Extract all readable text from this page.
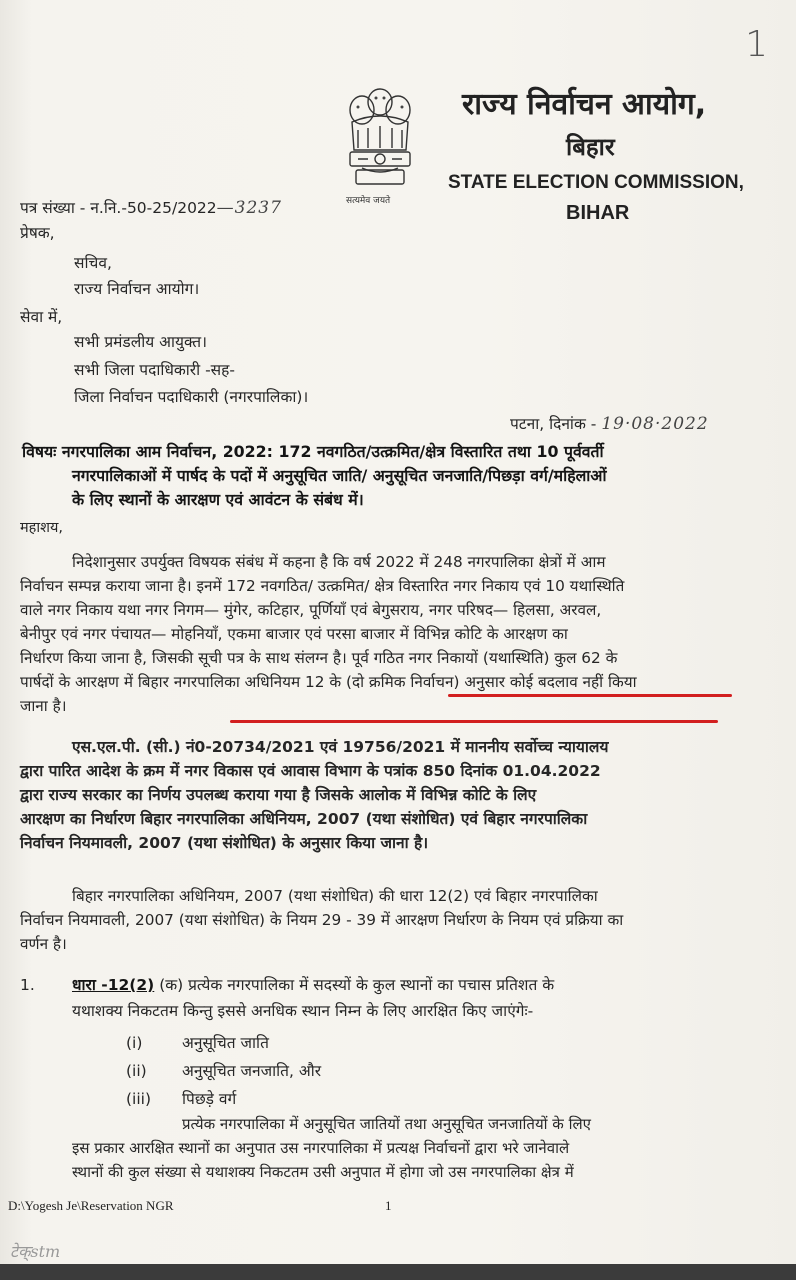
1
सत्यमेव जयते
राज्य निर्वाचन आयोग,
बिहार
STATE ELECTION COMMISSION,
BIHAR
पत्र संख्या - न.नि.-50-25/2022—3237
प्रेषक,
सचिव,
राज्य निर्वाचन आयोग।
सेवा में,
सभी प्रमंडलीय आयुक्त।
सभी जिला पदाधिकारी -सह-
जिला निर्वाचन पदाधिकारी (नगरपालिका)।
पटना, दिनांक - 19·08·2022

विषयः नगरपालिका आम निर्वाचन, 2022: 172 नवगठित/उत्क्रमित/क्षेत्र विस्तारित तथा 10 पूर्ववर्ती

नगरपालिकाओं में पार्षद के पदों में अनुसूचित जाति/ अनुसूचित जनजाति/पिछड़ा वर्ग/महिलाओं

के लिए स्थानों के आरक्षण एवं आवंटन के संबंध में।

महाशय,

निदेशानुसार उपर्युक्त विषयक संबंध में कहना है कि वर्ष 2022 में 248 नगरपालिका क्षेत्रों में आम

निर्वाचन सम्पन्न कराया जाना है। इनमें 172 नवगठित/ उत्क्रमित/ क्षेत्र विस्तारित नगर निकाय एवं 10 यथास्थिति

वाले नगर निकाय यथा नगर निगम— मुंगेर, कटिहार, पूर्णियाँ एवं बेगुसराय, नगर परिषद— हिलसा, अरवल,

बेनीपुर एवं नगर पंचायत— मोहनियाँ, एकमा बाजार एवं परसा बाजार में विभिन्न कोटि के आरक्षण का

निर्धारण किया जाना है, जिसकी सूची पत्र के साथ संलग्न है। पूर्व गठित नगर निकायों (यथास्थिति) कुल 62 के

पार्षदों के आरक्षण में बिहार नगरपालिका अधिनियम 12 के (दो क्रमिक निर्वाचन) अनुसार कोई बदलाव नहीं किया

जाना है।

एस.एल.पी. (सी.) नं0-20734/2021 एवं 19756/2021 में माननीय सर्वोच्च न्यायालय

द्वारा पारित आदेश के क्रम में नगर विकास एवं आवास विभाग के पत्रांक 850 दिनांक 01.04.2022

द्वारा राज्य सरकार का निर्णय उपलब्ध कराया गया है जिसके आलोक में विभिन्न कोटि के लिए

आरक्षण का निर्धारण बिहार नगरपालिका अधिनियम, 2007 (यथा संशोधित) एवं बिहार नगरपालिका

निर्वाचन नियमावली, 2007 (यथा संशोधित) के अनुसार किया जाना है।

बिहार नगरपालिका अधिनियम, 2007 (यथा संशोधित) की धारा 12(2) एवं बिहार नगरपालिका

निर्वाचन नियमावली, 2007 (यथा संशोधित) के नियम 29 - 39 में आरक्षण निर्धारण के नियम एवं प्रक्रिया का

वर्णन है।

1. धारा -12(2) (क) प्रत्येक नगरपालिका में सदस्यों के कुल स्थानों का पचास प्रतिशत के
यथाशक्य निकटतम किन्तु इससे अनधिक स्थान निम्न के लिए आरक्षित किए जाएंगेः-
(i)	अनुसूचित जाति
(ii) अनुसूचित जनजाति, और
(iii) पिछड़े वर्ग

प्रत्येक नगरपालिका में अनुसूचित जातियों तथा अनुसूचित जनजातियों के लिए

इस प्रकार आरक्षित स्थानों का अनुपात उस नगरपालिका में प्रत्यक्ष निर्वाचनों द्वारा भरे जानेवाले

स्थानों की कुल संख्या से यथाशक्य निकटतम उसी अनुपात में होगा जो उस नगरपालिका क्षेत्र में

D:\Yogesh Je\Reservation NGR	1
टेक्stm
